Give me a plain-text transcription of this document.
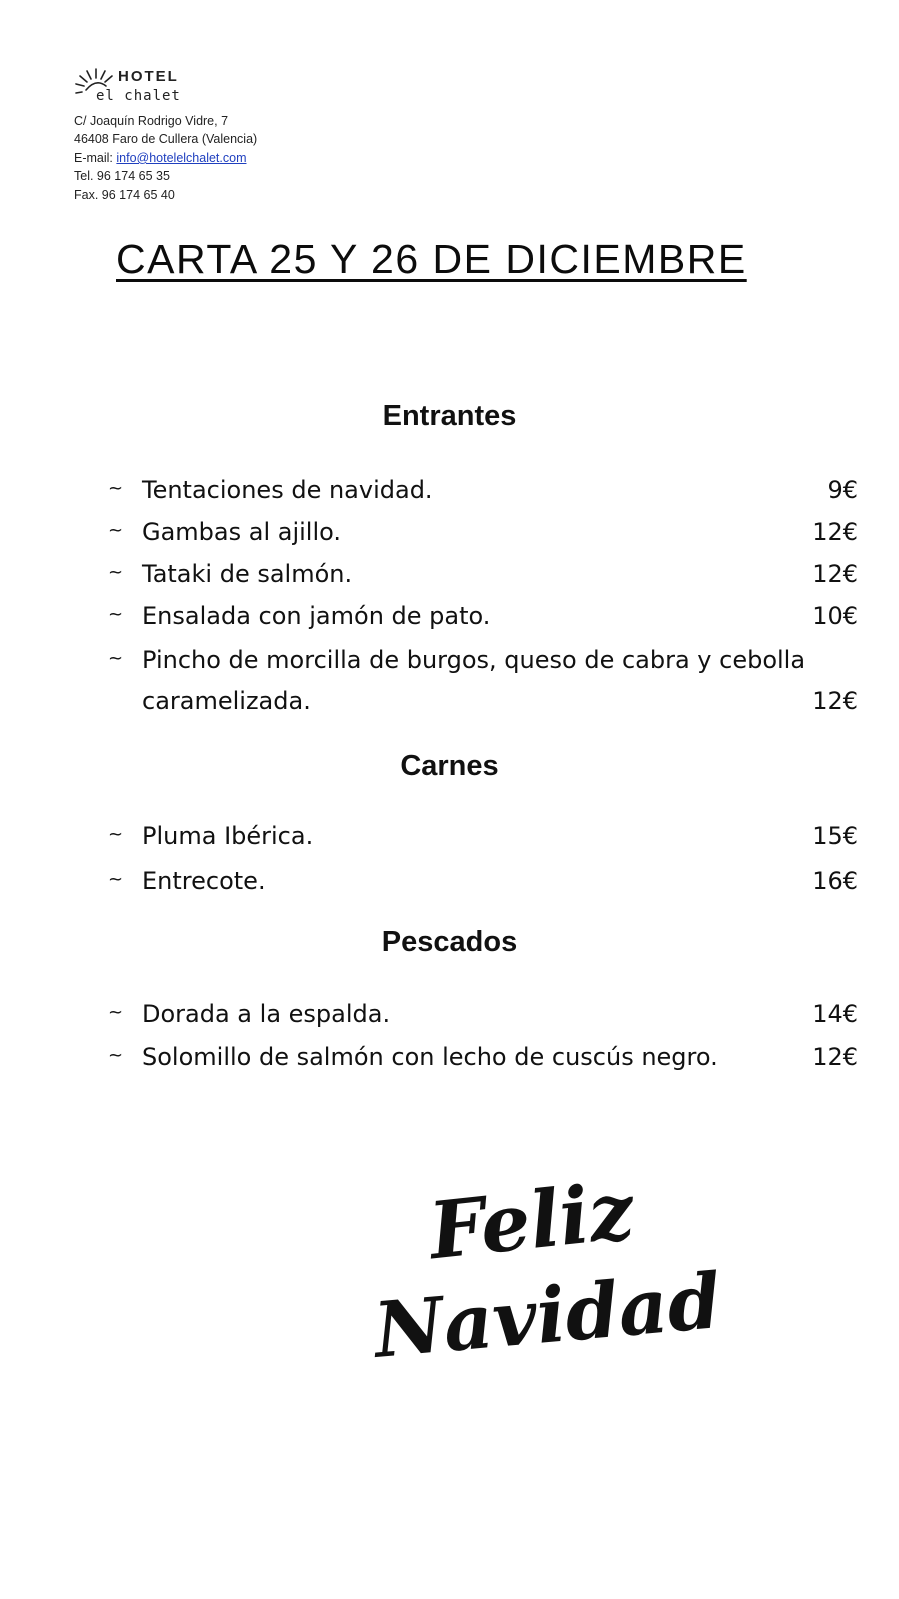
HOTEL
el chalet
C/ Joaquín Rodrigo Vidre, 7
46408 Faro de Cullera (Valencia)
E-mail: info@hotelelchalet.com
Tel. 96 174 65 35
Fax. 96 174 65 40
CARTA 25 Y 26 DE DICIEMBRE
Entrantes
~ Tentaciones de navidad.	9€
~ Gambas al ajillo.	12€
~ Tataki de salmón.	12€
~ Ensalada con jamón de pato.	10€
~ Pincho de morcilla de burgos, queso de cabra y cebolla
caramelizada.	12€
Carnes
~ Pluma Ibérica.	15€
~ Entrecote.	16€
Pescados
~ Dorada a la espalda.	14€
~ Solomillo de salmón con lecho de cuscús negro.	12€
Feliz
Navidad
